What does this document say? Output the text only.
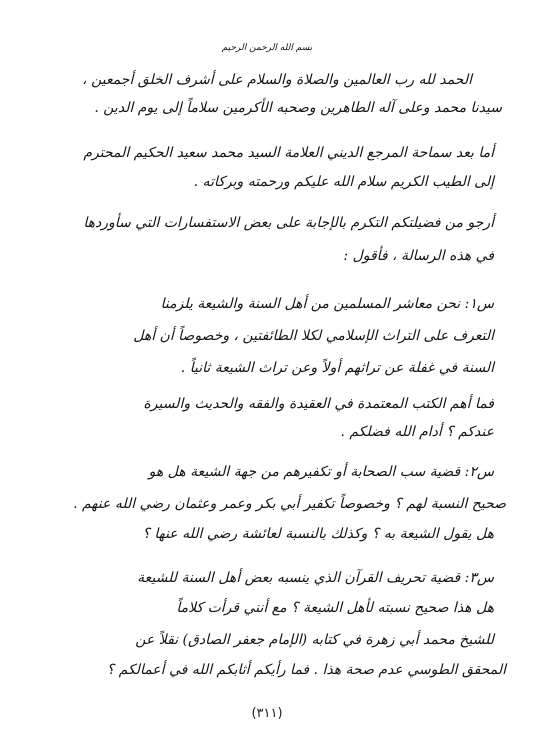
بسم الله الرحمن الرحيم
الحمد لله رب العالمين والصلاة والسلام على أشرف الخلق أجمعين ،
سيدنا محمد وعلى آله الطاهرين وصحبه الأكرمين سلاماً إلى يوم الدين .
أما بعد سماحة المرجع الديني العلامة السيد محمد سعيد الحكيم المحترم
إلى الطيب الكريم سلام الله عليكم ورحمته وبركاته .
أرجو من فضيلتكم التكرم بالإجابة على بعض الاستفسارات التي سأوردها
في هذه الرسالة ، فأقول :
س١: نحن معاشر المسلمين من أهل السنة والشيعة يلزمنا
التعرف على التراث الإسلامي لكلا الطائفتين ، وخصوصاً أن أهل
السنة في غفلة عن تراثهم أولاً وعن تراث الشيعة ثانياً .
فما أهم الكتب المعتمدة في العقيدة والفقه والحديث والسيرة
عندكم ؟ أدام الله فضلكم .
س٢: قضية سب الصحابة أو تكفيرهم من جهة الشيعة هل هو
صحيح النسبة لهم ؟ وخصوصاً تكفير أبي بكر وعمر وعثمان رضي الله عنهم .
هل يقول الشيعة به ؟ وكذلك بالنسبة لعائشة رضي الله عنها ؟
س٣: قضية تحريف القرآن الذي ينسبه بعض أهل السنة للشيعة
هل هذا صحيح نسبته لأهل الشيعة ؟ مع أنني قرأت كلاماً
للشيخ محمد أبي زهرة في كتابه (الإمام جعفر الصادق) نقلاً عن
المحقق الطوسي عدم صحة هذا . فما رأيكم أثابكم الله في أعمالكم ؟
(٣١١)
